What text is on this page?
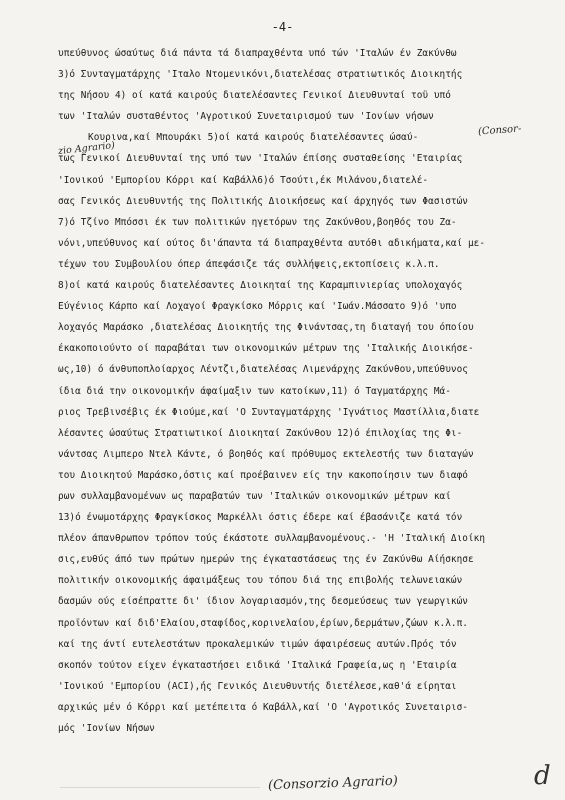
-4-
υπεύθυνος ώσαύτως διά πάντα τά διαπραχθέντα υπό τών 'Ιταλών έν Ζακύνθω
3)ό Συνταγματάρχης 'Ιταλο Ντομενικόνι,διατελέσας στρατιωτικός Διοικητής
της Νήσου 4) οί κατά καιρούς διατελέσαντες Γενικοί Διευθυνταί τοϋ υπό
των 'Ιταλών συσταθέντος 'Αγροτικού Συνεταιρισμού των 'Ιονίων νήσων
Κουρινα,καί Μπουράκι 5)οί κατά καιρούς διατελέσαντες ώσαύ-
τως Γενικοί Διευθυνταί της υπό των 'Ιταλών έπίσης συσταθείσης 'Εταιρίας
'Ιονικού 'Εμπορίου Κόρρι καί Καβάλλ6)ό Τσούτι,έκ Μιλάνου,διατελέ-
σας Γενικός Διευθυντής της Πολιτικής Διοικήσεως καί άρχηγός των Φασιστών
7)ό Τζίνο Μπόσσι έκ των πολιτικών ηγετόρων της Ζακύνθου,βοηθός του Ζα-
νόνι,υπεύθυνος καί ούτος δι'άπαντα τά διαπραχθέντα αυτόθι αδικήματα,καί με-
τέχων του Συμβουλίου όπερ άπεφάσιζε τάς συλλήψεις,εκτοπίσεις κ.λ.π.
8)οί κατά καιρούς διατελέσαντες Διοικηταί της Καραμπινιερίας υπολοχαγός
Εύγένιος Κάρπο καί Λοχαγοί Φραγκίσκο Μόρρις καί 'Ιωάν.Μάσσατο 9)ό 'υπο
λοχαγός Μαράσκο ,διατελέσας Διοικητής της Φινάντσας,τη διαταγή του όποίου
έκακοποιούντο οί παραβάται των οικονομικών μέτρων της 'Ιταλικής Διοικήσε-
ως,10) ό άνθυποπλοίαρχος Λέντζι,διατελέσας Λιμενάρχης Ζακύνθου,υπεύθυνος
ίδια διά την οικονομικήν άφαίμαξιν των κατοίκων,11) ό Ταγματάρχης Μά-
ριος Τρεβινσέβις έκ Φιούμε,καί 'Ο Συνταγματάρχης 'Ιγνάτιος Μαστίλλια,διατε
λέσαντες ώσαύτως Στρατιωτικοί Διοικηταί Ζακύνθου 12)ό έπιλοχίας της Φι-
νάντσας Λιμπερο Ντελ Κάντε, ό βοηθός καί πρόθυμος εκτελεστής των διαταγών
του Διοικητού Μαράσκο,όστις καί προέβαινεν είς την κακοποίησιν των διαφό
ρων συλλαμβανομένων ως παραβατών των 'Ιταλικών οικονομικών μέτρων καί
13)ό ένωμοτάρχης Φραγκίσκος Μαρκέλλι όστις έδερε καί έβασάνιζε κατά τόν
πλέον άπανθρωπον τρόπον τούς έκάστοτε συλλαμβανομένους.- 'Η 'Ιταλική Διοίκη
σις,ευθύς άπό των πρώτων ημερών της έγκαταστάσεως της έν Ζακύνθω Αίήσκησε
πολιτικήν οικονομικής άφαιμάξεως του τόπου διά της επιβολής τελωνειακών
δασμών ούς είσέπραττε δι' ίδιον λογαριασμόν,της δεσμεύσεως των γεωργικών
προϊόντων καί διδ'Ελαίου,σταφίδος,κορινελαίου,έρίων,δερμάτων,ζώων κ.λ.π.
καί της άντί ευτελεστάτων προκαλεμικών τιμών άφαιρέσεως αυτών.Πρός τόν
σκοπόν τούτον είχεν έγκαταστήσει ειδικά 'Ιταλικά Γραφεία,ως η 'Εταιρία
'Ιονικού 'Εμπορίου (ACI),ής Γενικός Διευθυντής διετέλεσε,καθ'ά είρηται
αρχικώς μέν ό Κόρρι καί μετέπειτα ό Καβάλλ,καί 'Ο 'Αγροτικός Συνεταιρισ-
μός 'Ιονίων Νήσων
(Consor-
zio Agrario)
(Consorzio Agrario)	d
